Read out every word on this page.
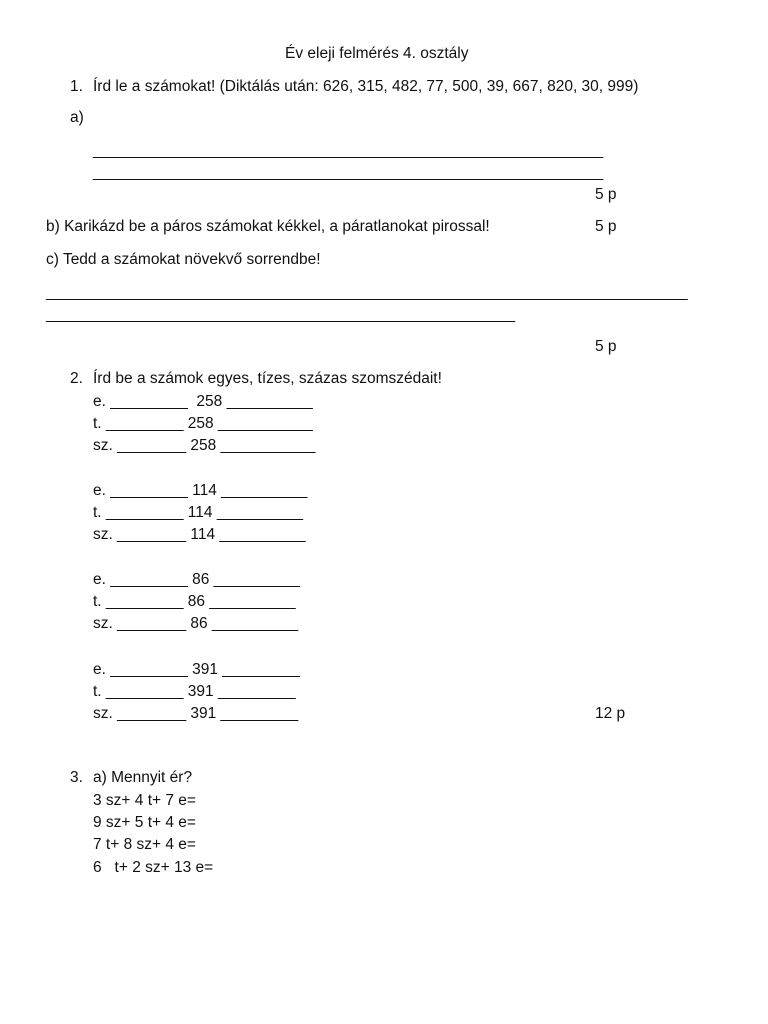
Év eleji felmérés 4. osztály
1. Írd le a számokat! (Diktálás után: 626, 315, 482, 77, 500, 39, 667, 820, 30, 999)
a)
______________________________________________________________
______________________________________________________________
5 p
b) Karikázd be a páros számokat kékkel, a páratlanokat pirossal!	5 p
c) Tedd a számokat növekvő sorrendbe!
______________________________________________________________________________
_________________________________________________________
5 p
2. Írd be a számok egyes, tízes, százas szomszédait!
e. _________  258 __________
t. _________ 258 ___________
sz. ________ 258 ___________
e. _________ 114 __________
t. _________ 114 __________
sz. ________ 114 __________
e. _________ 86 __________
t. _________ 86 __________
sz. ________ 86 __________
e. _________ 391 _________
t. _________ 391 _________
sz. ________ 391 _________	12 p
3. a) Mennyit ér?
3 sz+ 4 t+ 7 e=
9 sz+ 5 t+ 4 e=
7 t+ 8 sz+ 4 e=
6   t+ 2 sz+ 13 e=
